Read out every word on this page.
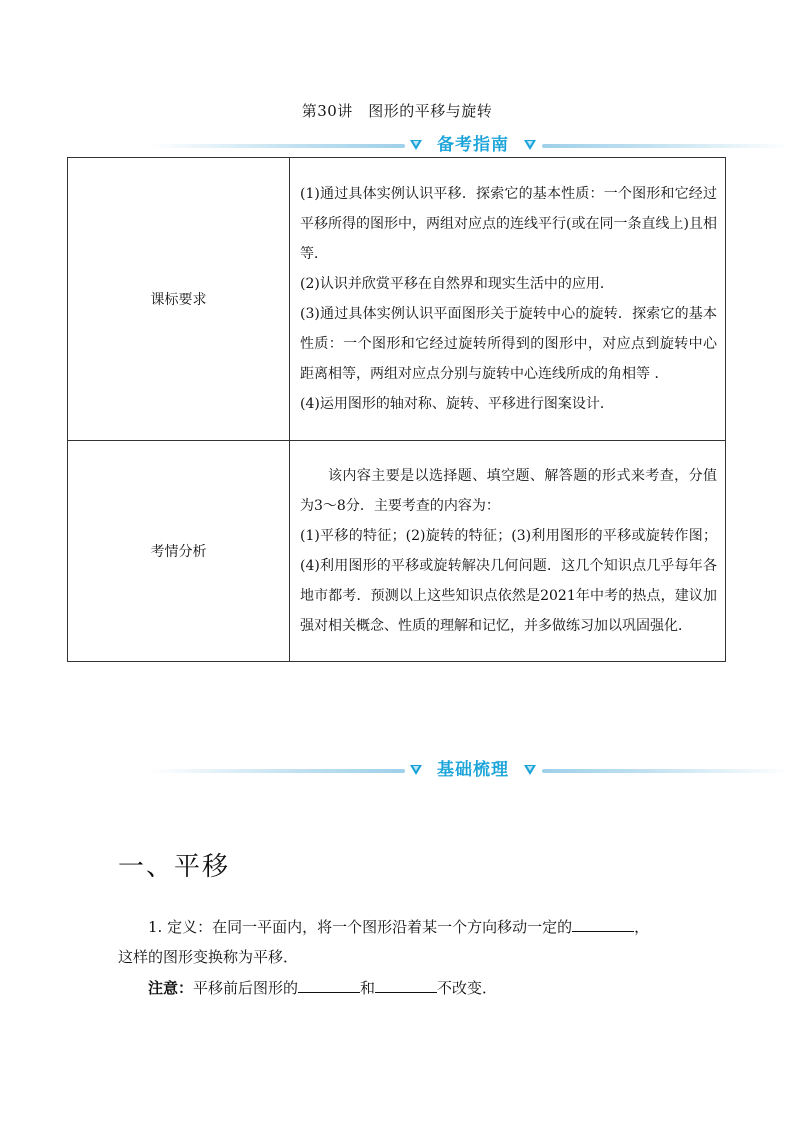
第30讲　图形的平移与旋转
备考指南
课标要求	(1)通过具体实例认识平移．探索它的基本性质：一个图形和它经过平移所得的图形中，两组对应点的连线平行(或在同一条直线上)且相等．

(2)认识并欣赏平移在自然界和现实生活中的应用．

(3)通过具体实例认识平面图形关于旋转中心的旋转．探索它的基本性质：一个图形和它经过旋转所得到的图形中，对应点到旋转中心距离相等，两组对应点分别与旋转中心连线所成的角相等 ．

(4)运用图形的轴对称、旋转、平移进行图案设计．

考情分析	该内容主要是以选择题、填空题、解答题的形式来考查，分值为3～8分．主要考查的内容为：

(1)平移的特征；(2)旋转的特征；(3)利用图形的平移或旋转作图；(4)利用图形的平移或旋转解决几何问题．这几个知识点几乎每年各地市都考．预测以上这些知识点依然是2021年中考的热点，建议加强对相关概念、性质的理解和记忆，并多做练习加以巩固强化．

基础梳理
一、平移
1. 定义：在同一平面内，将一个图形沿着某一个方向移动一定的	，
这样的图形变换称为平移．
注意：平移前后图形的	和	不改变．
